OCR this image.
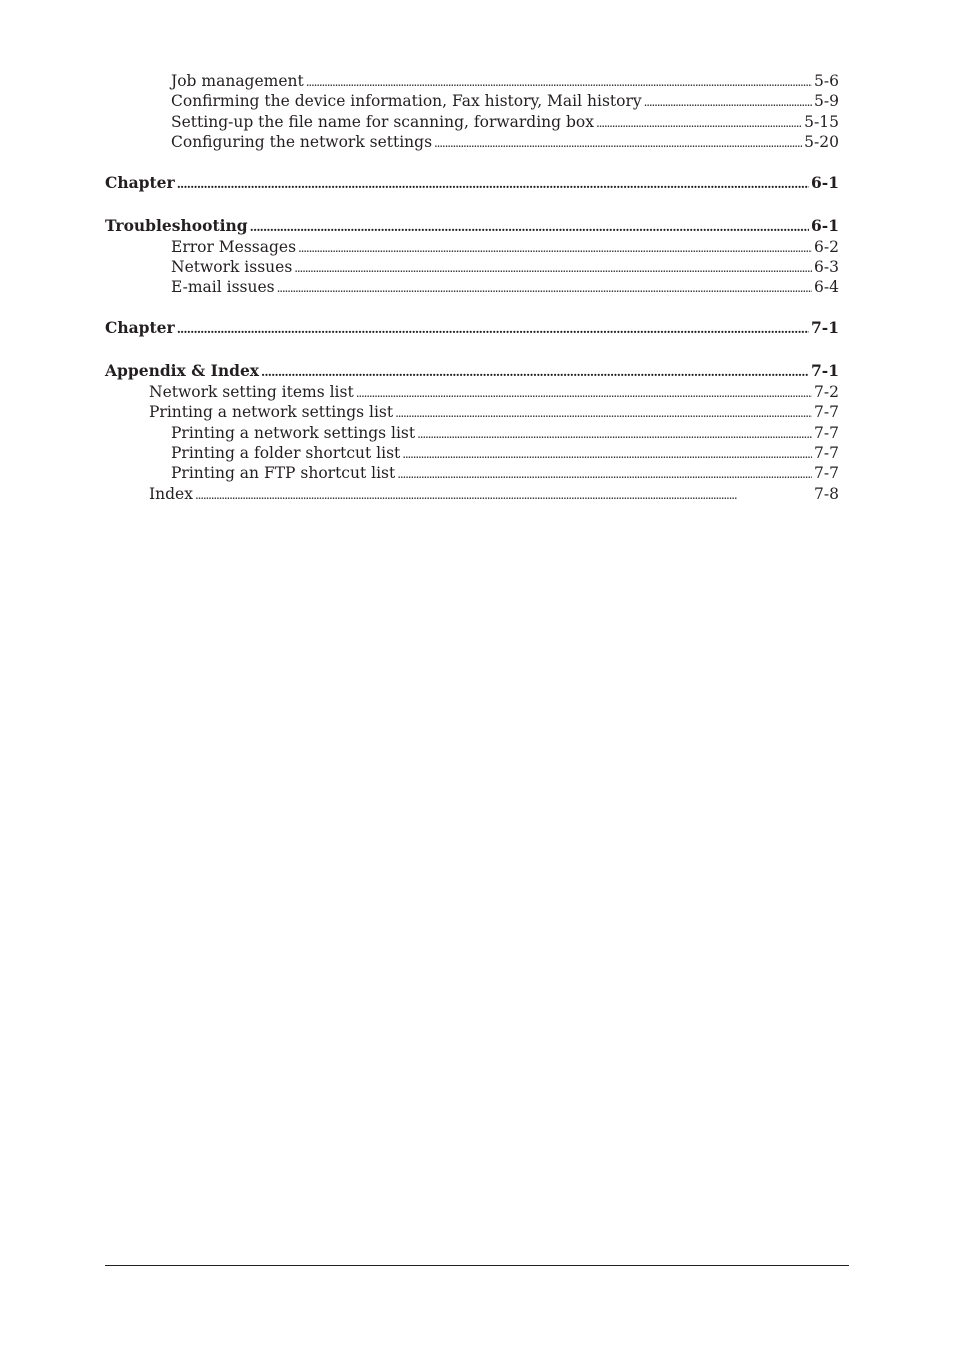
Job management . . .	5-6
Confirming the device information, Fax history, Mail history . . .	5-9
Setting-up the file name for scanning, forwarding box . . .	5-15
Configuring the network settings . . .	5-20
Chapter . . .	6-1
Troubleshooting . . .	6-1
Error Messages . . .	6-2
Network issues . . .	6-3
E-mail issues . . .	6-4
Chapter . . .	7-1
Appendix & Index . . .	7-1
Network setting items list . . .	7-2
Printing a network settings list . . .	7-7
Printing a network settings list . . .	7-7
Printing a folder shortcut list . . .	7-7
Printing an FTP shortcut list . . .	7-7
Index . . .	7-8
